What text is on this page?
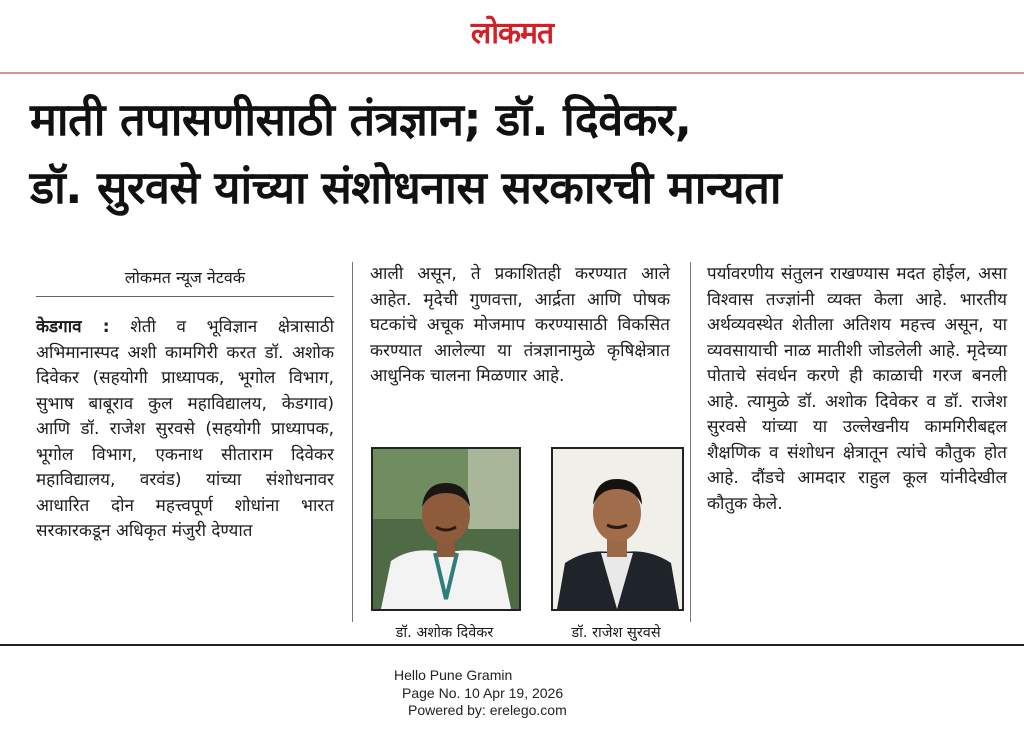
लोकमत
माती तपासणीसाठी तंत्रज्ञान; डॉ. दिवेकर,
डॉ. सुरवसे यांच्या संशोधनास सरकारची मान्यता
लोकमत न्यूज नेटवर्क

केडगाव : शेती व भूविज्ञान क्षेत्रासाठी अभिमानास्पद अशी कामगिरी करत डॉ. अशोक दिवेकर (सहयोगी प्राध्यापक, भूगोल विभाग, सुभाष बाबूराव कुल महाविद्यालय, केडगाव) आणि डॉ. राजेश सुरवसे (सहयोगी प्राध्यापक, भूगोल विभाग, एकनाथ सीताराम दिवेकर महाविद्यालय, वरवंड) यांच्या संशोधनावर आधारित दोन महत्त्वपूर्ण शोधांना भारत सरकारकडून अधिकृत मंजुरी देण्यात

आली असून, ते प्रकाशितही करण्यात आले आहेत. मृदेची गुणवत्ता, आर्द्रता आणि पोषक घटकांचे अचूक मोजमाप करण्यासाठी विकसित करण्यात आलेल्या या तंत्रज्ञानामुळे कृषिक्षेत्रात आधुनिक चालना मिळणार आहे.

पर्यावरणीय संतुलन राखण्यास मदत होईल, असा विश्वास तज्ज्ञांनी व्यक्त केला आहे. भारतीय अर्थव्यवस्थेत शेतीला अतिशय महत्त्व असून, या व्यवसायाची नाळ मातीशी जोडलेली आहे. मृदेच्या पोताचे संवर्धन करणे ही काळाची गरज बनली आहे. त्यामुळे डॉ. अशोक दिवेकर व डॉ. राजेश सुरवसे यांच्या या उल्लेखनीय कामगिरीबद्दल शैक्षणिक व संशोधन क्षेत्रातून त्यांचे कौतुक होत आहे. दौंडचे आमदार राहुल कूल यांनीदेखील कौतुक केले.

डॉ. अशोक दिवेकर	डॉ. राजेश सुरवसे
Hello Pune Gramin
Page No. 10 Apr 19, 2026
Powered by: erelego.com
